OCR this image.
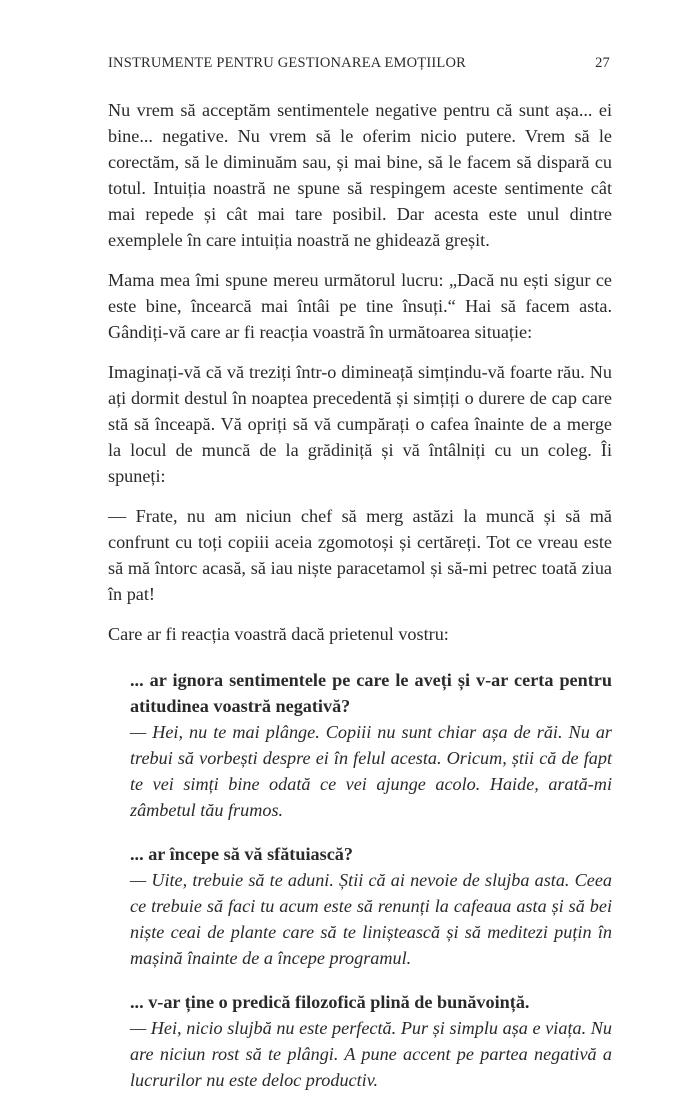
INSTRUMENTE PENTRU GESTIONAREA EMOȚIILOR	27

Nu vrem să acceptăm sentimentele negative pentru că sunt așa... ei bine... negative. Nu vrem să le oferim nicio putere. Vrem să le corectăm, să le diminuăm sau, și mai bine, să le facem să dispară cu totul. Intuiția noastră ne spune să respingem aceste sentimente cât mai repede și cât mai tare posibil. Dar acesta este unul dintre exemplele în care intuiția noastră ne ghidează greșit.

Mama mea îmi spune mereu următorul lucru: „Dacă nu ești sigur ce este bine, încearcă mai întâi pe tine însuți.“ Hai să facem asta. Gândiți-vă care ar fi reacția voastră în următoarea situație:

Imaginați-vă că vă treziți într-o dimineață simțindu-vă foarte rău. Nu ați dormit destul în noaptea precedentă și simțiți o durere de cap care stă să înceapă. Vă opriți să vă cumpărați o cafea înainte de a merge la locul de muncă de la grădiniță și vă întâlniți cu un coleg. Îi spuneți:

— Frate, nu am niciun chef să merg astăzi la muncă și să mă confrunt cu toți copiii aceia zgomotoși și certăreți. Tot ce vreau este să mă întorc acasă, să iau niște paracetamol și să-mi petrec toată ziua în pat!

Care ar fi reacția voastră dacă prietenul vostru:

... ar ignora sentimentele pe care le aveți și v-ar certa pentru atitudinea voastră negativă?

— Hei, nu te mai plânge. Copiii nu sunt chiar așa de răi. Nu ar trebui să vorbești despre ei în felul acesta. Oricum, știi că de fapt te vei simți bine odată ce vei ajunge acolo. Haide, arată-mi zâmbetul tău frumos.

... ar începe să vă sfătuiască?

— Uite, trebuie să te aduni. Știi că ai nevoie de slujba asta. Ceea ce trebuie să faci tu acum este să renunți la cafeaua asta și să bei niște ceai de plante care să te liniștească și să meditezi puțin în mașină înainte de a începe programul.

... v-ar ține o predică filozofică plină de bunăvoință.

— Hei, nicio slujbă nu este perfectă. Pur și simplu așa e viața. Nu are niciun rost să te plângi. A pune accent pe partea negativă a lucrurilor nu este deloc productiv.
